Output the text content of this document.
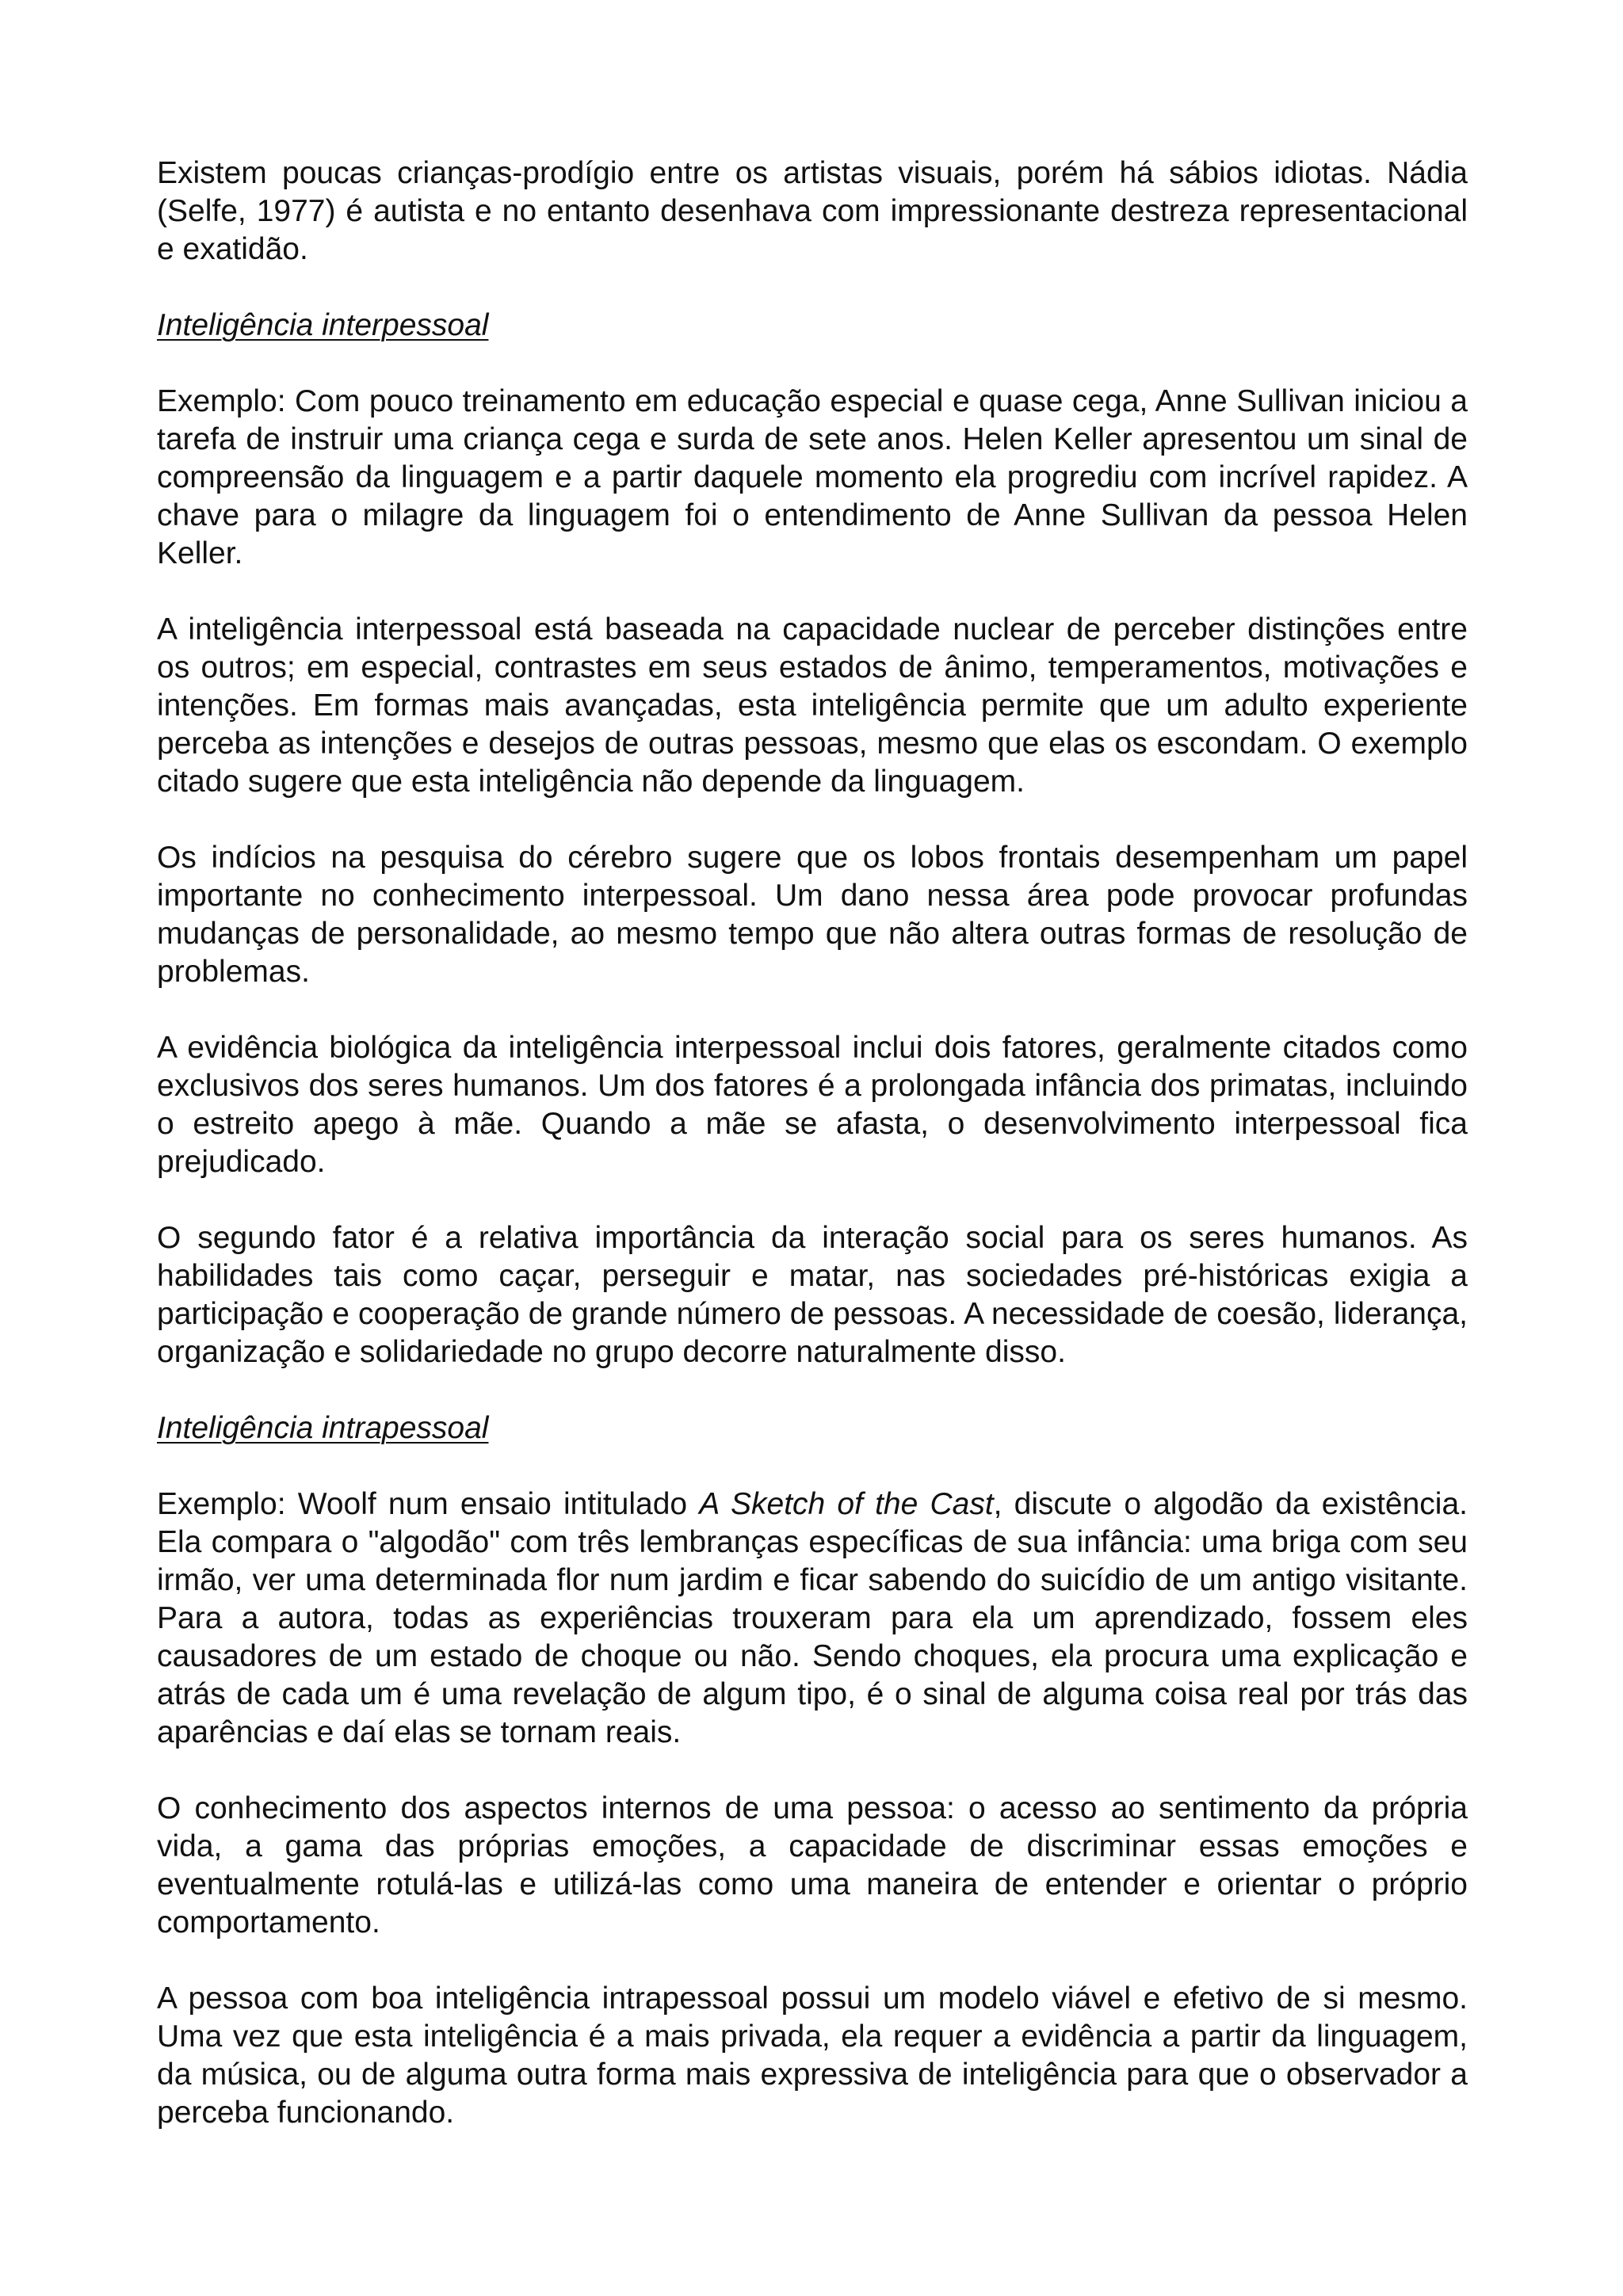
Existem poucas crianças-prodígio entre os artistas visuais, porém há sábios idiotas. Nádia (Selfe, 1977) é autista e no entanto desenhava com impressionante destreza representacional e exatidão.

Inteligência interpessoal

Exemplo: Com pouco treinamento em educação especial e quase cega, Anne Sullivan iniciou a tarefa de instruir uma criança cega e surda de sete anos. Helen Keller apresentou um sinal de compreensão da linguagem e a partir daquele momento ela progrediu com incrível rapidez. A chave para o milagre da linguagem foi o entendimento de Anne Sullivan da pessoa Helen Keller.

A inteligência interpessoal está baseada na capacidade nuclear de perceber distinções entre os outros; em especial, contrastes em seus estados de ânimo, temperamentos, motivações e intenções. Em formas mais avançadas, esta inteligência permite que um adulto experiente perceba as intenções e desejos de outras pessoas, mesmo que elas os escondam. O exemplo citado sugere que esta inteligência não depende da linguagem.

Os indícios na pesquisa do cérebro sugere que os lobos frontais desempenham um papel importante no conhecimento interpessoal. Um dano nessa área pode provocar profundas mudanças de personalidade, ao mesmo tempo que não altera outras formas de resolução de problemas.

A evidência biológica da inteligência interpessoal inclui dois fatores, geralmente citados como exclusivos dos seres humanos. Um dos fatores é a prolongada infância dos primatas, incluindo o estreito apego à mãe. Quando a mãe se afasta, o desenvolvimento interpessoal fica prejudicado.

O segundo fator é a relativa importância da interação social para os seres humanos. As habilidades tais como caçar, perseguir e matar, nas sociedades pré-históricas exigia a participação e cooperação de grande número de pessoas. A necessidade de coesão, liderança, organização e solidariedade no grupo decorre naturalmente disso.

Inteligência intrapessoal

Exemplo: Woolf num ensaio intitulado A Sketch of the Cast, discute o algodão da existência. Ela compara o "algodão" com três lembranças específicas de sua infância: uma briga com seu irmão, ver uma determinada flor num jardim e ficar sabendo do suicídio de um antigo visitante. Para a autora, todas as experiências trouxeram para ela um aprendizado, fossem eles causadores de um estado de choque ou não. Sendo choques, ela procura uma explicação e atrás de cada um é uma revelação de algum tipo, é o sinal de alguma coisa real por trás das aparências e daí elas se tornam reais.

O conhecimento dos aspectos internos de uma pessoa: o acesso ao sentimento da própria vida, a gama das próprias emoções, a capacidade de discriminar essas emoções e eventualmente rotulá-las e utilizá-las como uma maneira de entender e orientar o próprio comportamento.

A pessoa com boa inteligência intrapessoal possui um modelo viável e efetivo de si mesmo. Uma vez que esta inteligência é a mais privada, ela requer a evidência a partir da linguagem, da música, ou de alguma outra forma mais expressiva de inteligência para que o observador a perceba funcionando.
